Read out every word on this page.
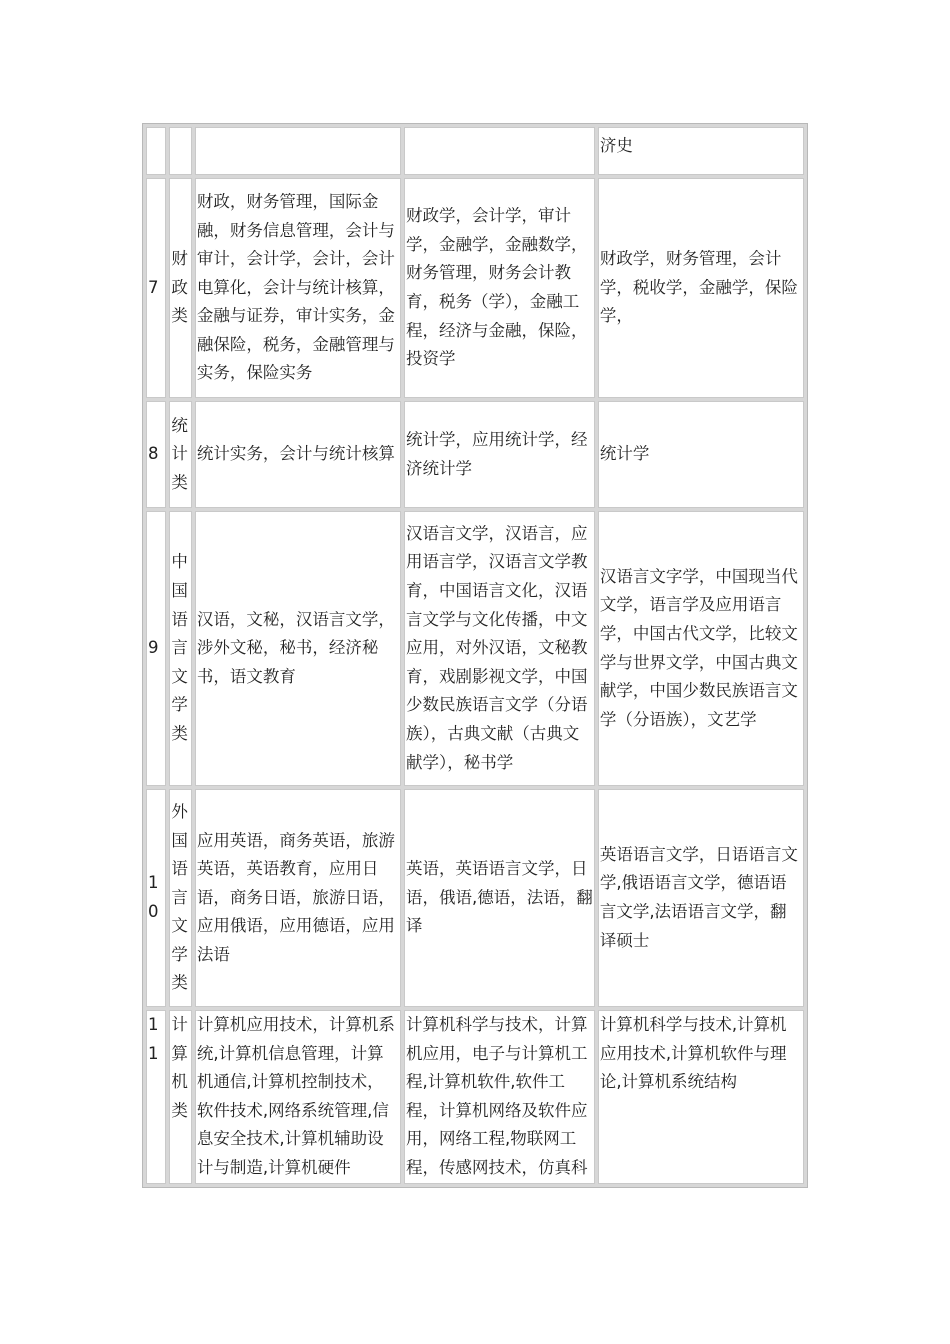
				济史
7	财政类	财政，财务管理，国际金融，财务信息管理，会计与审计，会计学，会计，会计电算化，会计与统计核算，金融与证券，审计实务，金融保险，税务，金融管理与实务，保险实务	财政学，会计学，审计学，金融学，金融数学，财务管理，财务会计教育，税务（学），金融工程，经济与金融，保险，投资学	财政学，财务管理，会计学，税收学，金融学，保险学，
8	统计类	统计实务，会计与统计核算	统计学，应用统计学，经济统计学	统计学
9	中国语言文学类	汉语，文秘，汉语言文学，涉外文秘，秘书，经济秘书，语文教育	汉语言文学，汉语言，应用语言学，汉语言文学教育，中国语言文化，汉语言文学与文化传播，中文应用，对外汉语，文秘教育，戏剧影视文学，中国少数民族语言文学（分语族），古典文献（古典文献学），秘书学	汉语言文字学，中国现当代文学，语言学及应用语言学，中国古代文学，比较文学与世界文学，中国古典文献学，中国少数民族语言文学（分语族），文艺学
10	外国语言文学类	应用英语，商务英语，旅游英语，英语教育，应用日语，商务日语，旅游日语，应用俄语，应用德语，应用法语	英语，英语语言文学，日语，俄语,德语，法语，翻译	英语语言文学，日语语言文学,俄语语言文学，德语语言文学,法语语言文学，翻译硕士
11	计算机类	计算机应用技术，计算机系统,计算机信息管理，计算机通信,计算机控制技术，软件技术,网络系统管理,信息安全技术,计算机辅助设计与制造,计算机硬件	计算机科学与技术，计算机应用，电子与计算机工程,计算机软件,软件工程，计算机网络及软件应用，网络工程,物联网工程，传感网技术，仿真科	计算机科学与技术,计算机应用技术,计算机软件与理论,计算机系统结构
